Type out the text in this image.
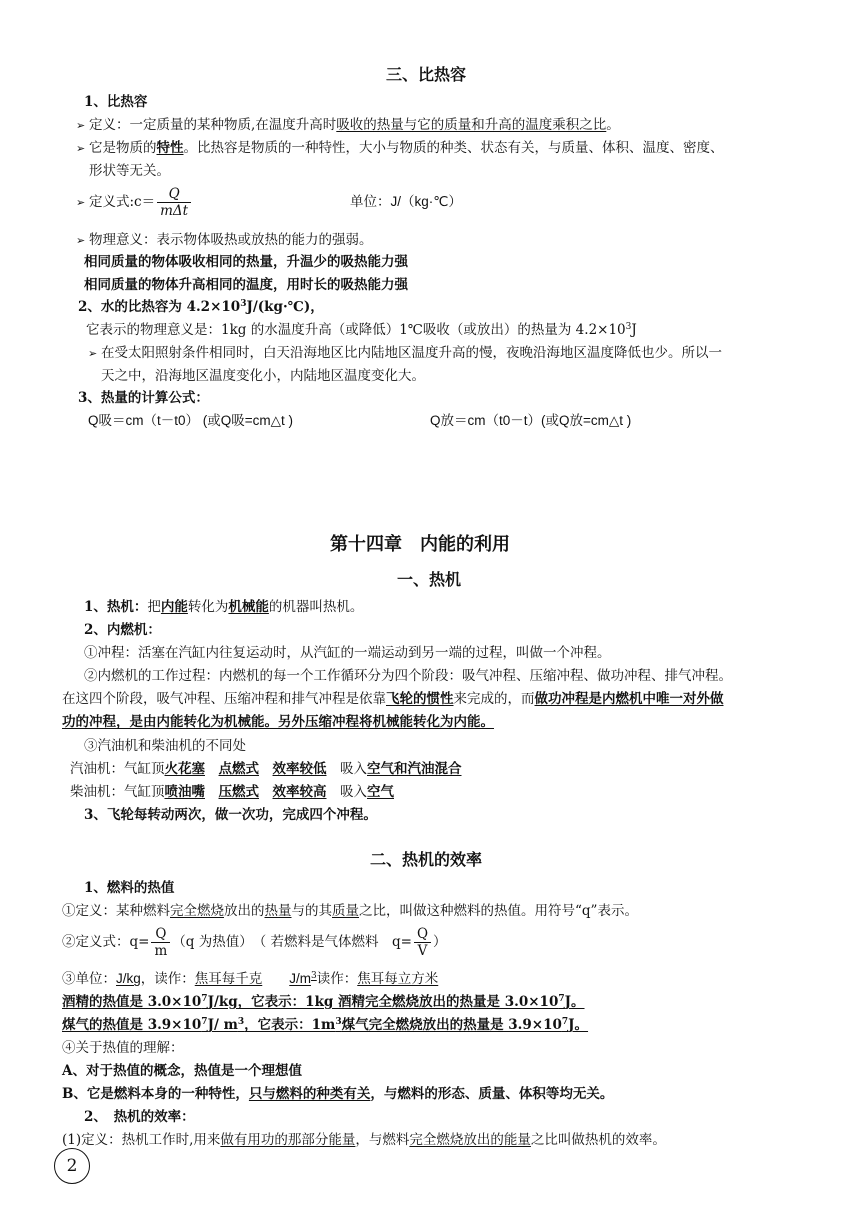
三、比热容
1、比热容
➢ 定义：一定质量的某种物质,在温度升高时吸收的热量与它的质量和升高的温度乘积之比。
➢ 它是物质的特性。比热容是物质的一种特性，大小与物质的种类、状态有关，与质量、体积、温度、密度、
形状等无关。
➢ 定义式:c＝ $\frac{Q}{\text{mΔt}}$	单位：J/（kg·℃）
➢ 物理意义：表示物体吸热或放热的能力的强弱。
相同质量的物体吸收相同的热量，升温少的吸热能力强
相同质量的物体升高相同的温度，用时长的吸热能力强
2、水的比热容为 $4.2\times 10^3J/(kg\cdot℃)$，
它表示的物理意义是：1kg 的水温度升高（或降低）1℃吸收（或放出）的热量为 $4.2\times 10^3J$
➢ 在受太阳照射条件相同时，白天沿海地区比内陆地区温度升高的慢，夜晚沿海地区温度降低也少。所以一
天之中，沿海地区温度变化小，内陆地区温度变化大。
3、热量的计算公式：
Q吸＝cm（t－t0） (或Q吸=cm△t )	Q放＝cm（t0－t）(或Q放=cm△t )
第十四章　内能的利用
一、热机
1、热机：把内能转化为机械能的机器叫热机。
2、内燃机：
①冲程：活塞在汽缸内往复运动时，从汽缸的一端运动到另一端的过程，叫做一个冲程。
②内燃机的工作过程：内燃机的每一个工作循环分为四个阶段：吸气冲程、压缩冲程、做功冲程、排气冲程。
在这四个阶段，吸气冲程、压缩冲程和排气冲程是依靠飞轮的惯性来完成的，而做功冲程是内燃机中唯一对外做
功的冲程，是由内能转化为机械能。另外压缩冲程将机械能转化为内能。
③汽油机和柴油机的不同处
汽油机：气缸顶火花塞　 点燃式　 效率较低　 吸入空气和汽油混合
柴油机：气缸顶喷油嘴　 压燃式　 效率较高　 吸入空气
3、飞轮每转动两次，做一次功，完成四个冲程。
二、热机的效率
1、燃料的热值
①定义：某种燃料完全燃烧放出的热量与的其质量之比，叫做这种燃料的热值。用符号“q”表示。
②定义式：$q= \frac{Q}{m} (q$ 为热值）　（ 若燃料是气体燃料　$q= \frac{Q}{V}$ ）
③单位：J/kg，读作：焦耳每千克　　 $J/m^3$读作：焦耳每立方米
酒精的热值是 $3.0\times 10^7J/kg$，它表示：1kg 酒精完全燃烧放出的热量是 $3.0\times 10^7J$。
煤气的热值是 $3.9\times 10^7J/$ $m^3$，它表示：$1m^3$煤气完全燃烧放出的热量是 $3.9\times 10^7J$。
④关于热值的理解：
A、对于热值的概念，热值是一个理想值
B、它是燃料本身的一种特性，只与燃料的种类有关，与燃料的形态、质量、体积等均无关。
2、　热机的效率：
(1)定义：热机工作时,用来做有用功的那部分能量，与燃料完全燃烧放出的能量之比叫做热机的效率。
2
